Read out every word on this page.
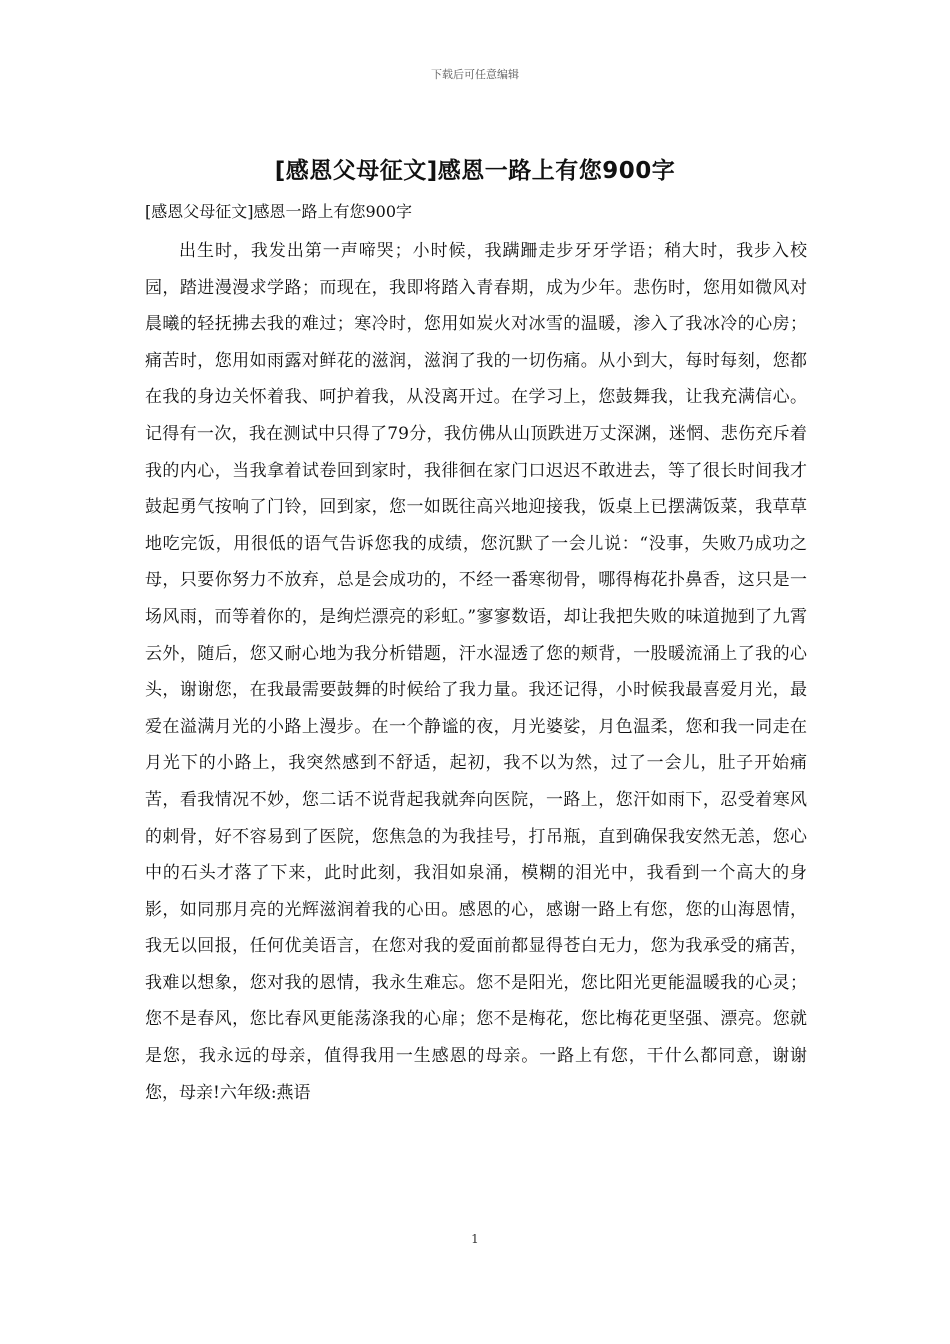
下载后可任意编辑
[感恩父母征文]感恩一路上有您900字
[感恩父母征文]感恩一路上有您900字
出生时，我发出第一声啼哭；小时候，我蹒跚走步牙牙学语；稍大时，我步入校园，踏进漫漫求学路；而现在，我即将踏入青春期，成为少年。悲伤时，您用如微风对晨曦的轻抚拂去我的难过；寒冷时，您用如炭火对冰雪的温暖，渗入了我冰冷的心房；痛苦时，您用如雨露对鲜花的滋润，滋润了我的一切伤痛。从小到大，每时每刻，您都在我的身边关怀着我、呵护着我，从没离开过。在学习上，您鼓舞我，让我充满信心。记得有一次，我在测试中只得了79分，我仿佛从山顶跌进万丈深渊，迷惘、悲伤充斥着我的内心，当我拿着试卷回到家时，我徘徊在家门口迟迟不敢进去，等了很长时间我才鼓起勇气按响了门铃，回到家，您一如既往高兴地迎接我，饭桌上已摆满饭菜，我草草地吃完饭，用很低的语气告诉您我的成绩，您沉默了一会儿说：“没事，失败乃成功之母，只要你努力不放弃，总是会成功的，不经一番寒彻骨，哪得梅花扑鼻香，这只是一场风雨，而等着你的，是绚烂漂亮的彩虹。”寥寥数语，却让我把失败的味道抛到了九霄云外，随后，您又耐心地为我分析错题，汗水湿透了您的颊背，一股暖流涌上了我的心头，谢谢您，在我最需要鼓舞的时候给了我力量。我还记得，小时候我最喜爱月光，最爱在溢满月光的小路上漫步。在一个静谧的夜，月光婆娑，月色温柔，您和我一同走在月光下的小路上，我突然感到不舒适，起初，我不以为然，过了一会儿，肚子开始痛苦，看我情况不妙，您二话不说背起我就奔向医院，一路上，您汗如雨下，忍受着寒风的刺骨，好不容易到了医院，您焦急的为我挂号，打吊瓶，直到确保我安然无恙，您心中的石头才落了下来，此时此刻，我泪如泉涌，模糊的泪光中，我看到一个高大的身影，如同那月亮的光辉滋润着我的心田。感恩的心，感谢一路上有您，您的山海恩情，我无以回报，任何优美语言，在您对我的爱面前都显得苍白无力，您为我承受的痛苦，我难以想象，您对我的恩情，我永生难忘。您不是阳光，您比阳光更能温暖我的心灵；您不是春风，您比春风更能荡涤我的心扉；您不是梅花，您比梅花更坚强、漂亮。您就是您，我永远的母亲，值得我用一生感恩的母亲。一路上有您，干什么都同意，谢谢您，母亲!六年级:燕语
1
